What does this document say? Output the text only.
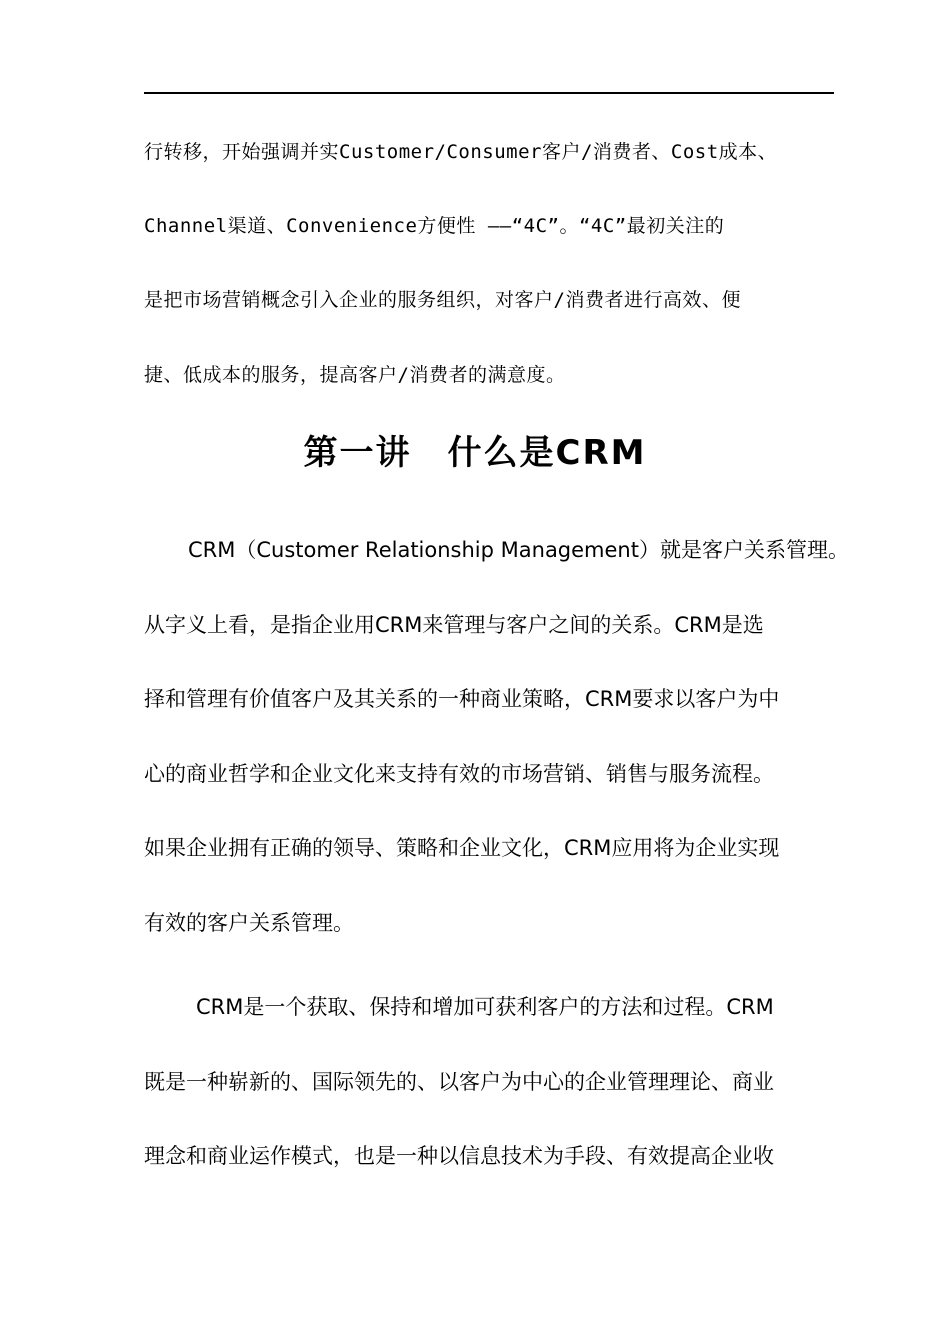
行转移，开始强调并实Customer/Consumer客户/消费者、Cost成本、
Channel渠道、Convenience方便性 ——“4C”。“4C”最初关注的
是把市场营销概念引入企业的服务组织，对客户/消费者进行高效、便
捷、低成本的服务，提高客户/消费者的满意度。
第一讲　什么是CRM
CRM（Customer Relationship Management）就是客户关系管理。
从字义上看，是指企业用CRM来管理与客户之间的关系。CRM是选
择和管理有价值客户及其关系的一种商业策略，CRM要求以客户为中
心的商业哲学和企业文化来支持有效的市场营销、销售与服务流程。
如果企业拥有正确的领导、策略和企业文化，CRM应用将为企业实现
有效的客户关系管理。
CRM是一个获取、保持和增加可获利客户的方法和过程。CRM
既是一种崭新的、国际领先的、以客户为中心的企业管理理论、商业
理念和商业运作模式，也是一种以信息技术为手段、有效提高企业收
